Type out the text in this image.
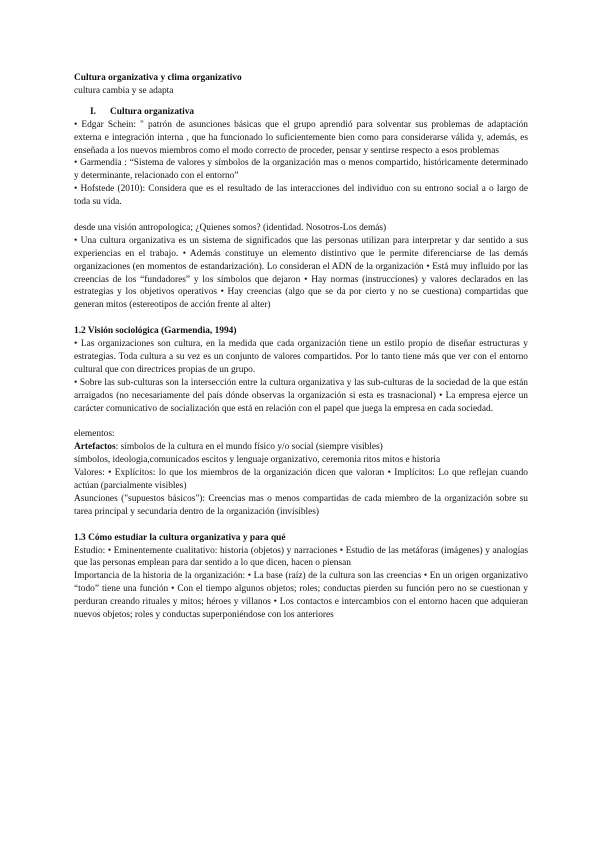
Cultura organizativa y clima organizativo

cultura cambia y se adapta

I. Cultura organizativa

• Edgar Schein: " patrón de asunciones básicas que el grupo aprendió para solventar sus problemas de adaptación externa e integración interna , que ha funcionado lo suficientemente bien como para considerarse válida y, además, es enseñada a los nuevos miembros como el modo correcto de proceder, pensar y sentirse respecto a esos problemas

• Garmendia : “Sistema de valores y símbolos de la organización mas o menos compartido, históricamente determinado y determinante, relacionado con el entorno”

• Hofstede (2010): Considera que es el resultado de las interacciones del individuo con su entrono social a o largo de toda su vida.

desde una visión antropologica; ¿Quienes somos? (identidad. Nosotros-Los demás)

• Una cultura organizativa es un sistema de significados que las personas utilizan para interpretar y dar sentido a sus experiencias en el trabajo. • Además constituye un elemento distintivo que le permite diferenciarse de las demás organizaciones (en momentos de estandarización). Lo consideran el ADN de la organización • Está muy influido por las creencias de los “fundadores” y los símbolos que dejaron • Hay normas (instrucciones) y valores declarados en las estrategias y los objetivos operativos • Hay creencias (algo que se da por cierto y no se cuestiona) compartidas que generan mitos (estereotipos de acción frente al alter)

1.2 Visión sociológica (Garmendia, 1994)

• Las organizaciones son cultura, en la medida que cada organización tiene un estilo propio de diseñar estructuras y estrategias. Toda cultura a su vez es un conjunto de valores compartidos. Por lo tanto tiene más que ver con el entorno cultural que con directrices propias de un grupo.

• Sobre las sub-culturas son la intersección entre la cultura organizativa y las sub-culturas de la sociedad de la que están arraigados (no necesariamente del país dónde observas la organización si esta es trasnacional) • La empresa ejerce un carácter comunicativo de socialización que está en relación con el papel que juega la empresa en cada sociedad.

elementos:

Artefactos: símbolos de la cultura en el mundo físico y/o social (siempre visibles)

símbolos, ideologia,comunicados escitos y lenguaje organizativo, ceremonia ritos mitos e historia

Valores: • Explícitos: lo que los miembros de la organización dicen que valoran • Implícitos: Lo que reflejan cuando actúan (parcialmente visibles)

Asunciones ("supuestos básicos"): Creencias mas o menos compartidas de cada miembro de la organización sobre su tarea principal y secundaria dentro de la organización (invisibles)

1.3 Cómo estudiar la cultura organizativa y para qué

Estudio: • Eminentemente cualitativo: historia (objetos) y narraciones • Estudio de las metáforas (imágenes) y analogías que las personas emplean para dar sentido a lo que dicen, hacen o piensan

Importancia de la historia de la organización: • La base (raíz) de la cultura son las creencias • En un origen organizativo “todo” tiene una función • Con el tiempo algunos objetos; roles; conductas pierden su función pero no se cuestionan y perduran creando rituales y mitos; héroes y villanos • Los contactos e intercambios con el entorno hacen que adquieran nuevos objetos; roles y conductas superponiéndose con los anteriores
